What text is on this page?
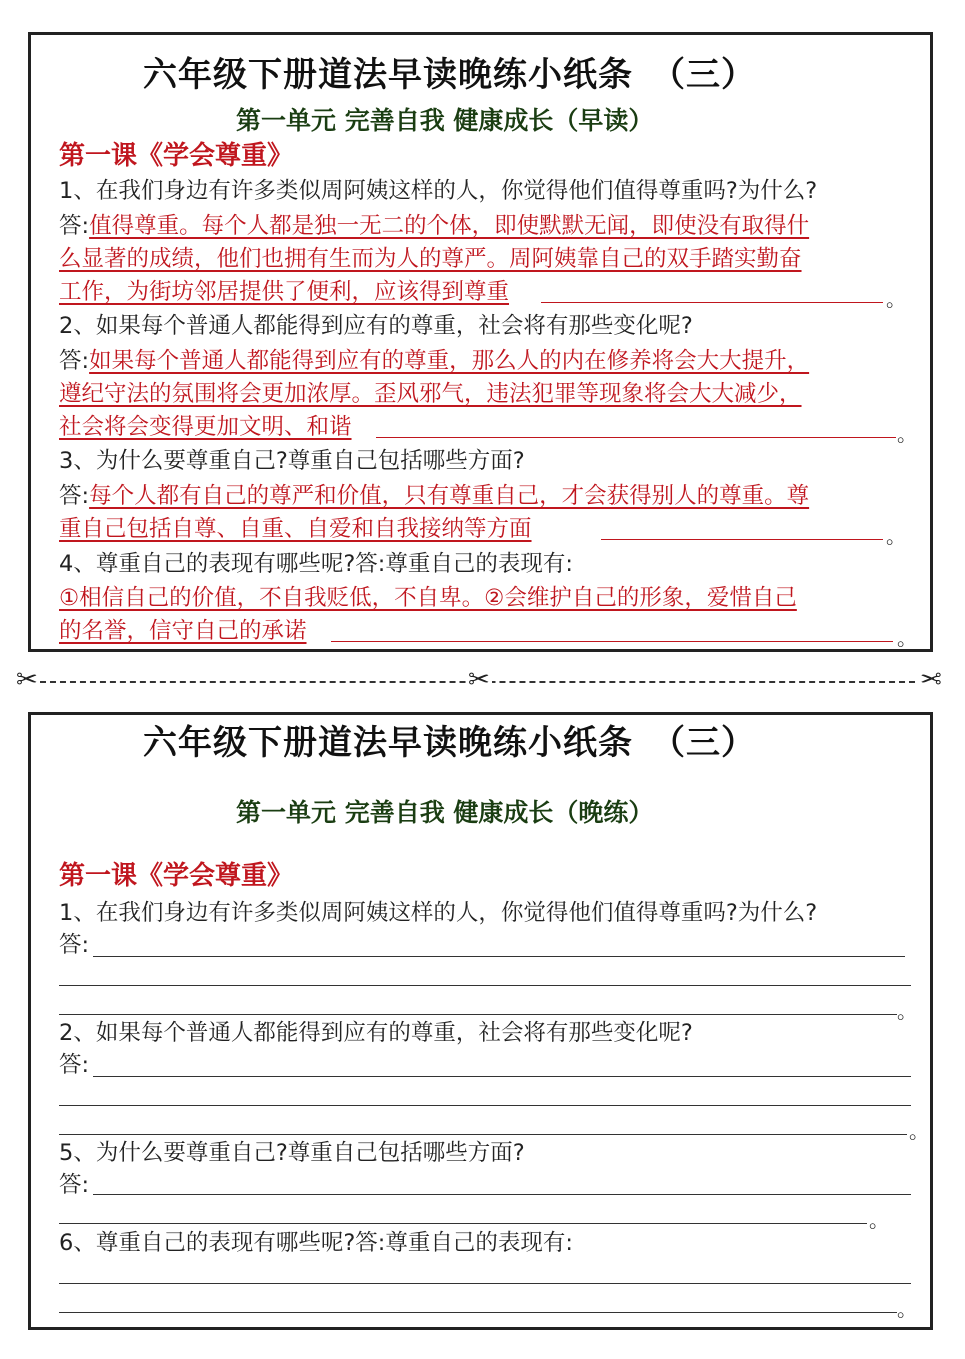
六年级下册道法早读晚练小纸条　（三）
第一单元 完善自我 健康成长（早读）
第一课《学会尊重》
1、在我们身边有许多类似周阿姨这样的人，你觉得他们值得尊重吗?为什么?
答:值得尊重。每个人都是独一无二的个体，即使默默无闻，即使没有取得什
么显著的成绩，他们也拥有生而为人的尊严。周阿姨靠自己的双手踏实勤奋
工作，为街坊邻居提供了便利，应该得到尊重	。
2、如果每个普通人都能得到应有的尊重，社会将有那些变化呢?
答:如果每个普通人都能得到应有的尊重，那么人的内在修养将会大大提升，
遵纪守法的氛围将会更加浓厚。歪风邪气，违法犯罪等现象将会大大减少，
社会将会变得更加文明、和谐	。
3、为什么要尊重自己?尊重自己包括哪些方面?
答:每个人都有自己的尊严和价值，只有尊重自己，才会获得别人的尊重。尊
重自己包括自尊、自重、自爱和自我接纳等方面	。
4、尊重自己的表现有哪些呢?答:尊重自己的表现有:
①相信自己的价值，不自我贬低，不自卑。②会维护自己的形象，爱惜自己
的名誉，信守自己的承诺	。
✂	✂	✂
六年级下册道法早读晚练小纸条　（三）
第一单元 完善自我 健康成长（晚练）
第一课《学会尊重》
1、在我们身边有许多类似周阿姨这样的人，你觉得他们值得尊重吗?为什么?
答:
。
2、如果每个普通人都能得到应有的尊重，社会将有那些变化呢?
答:
。
5、为什么要尊重自己?尊重自己包括哪些方面?
答:
。
6、尊重自己的表现有哪些呢?答:尊重自己的表现有:
。
